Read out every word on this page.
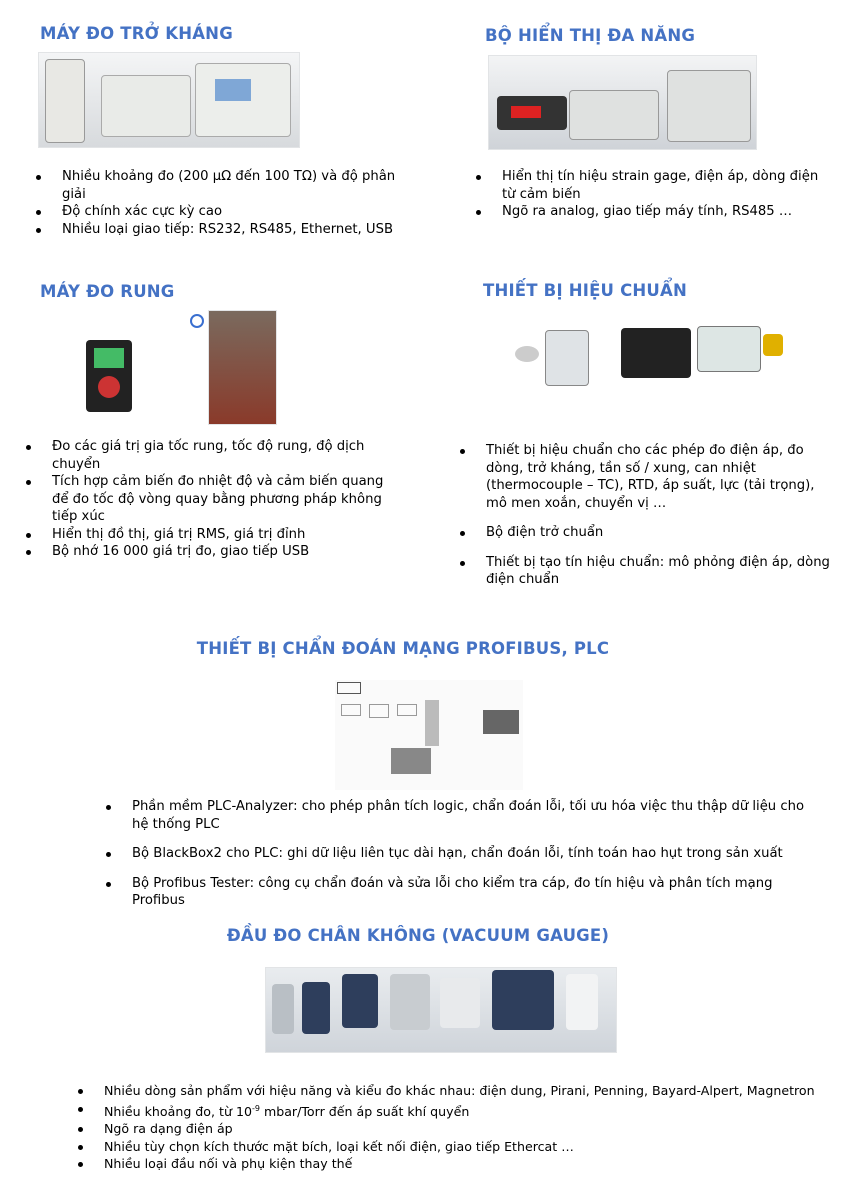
MÁY ĐO TRỞ KHÁNG
Nhiều khoảng đo (200 µΩ đến 100 TΩ) và độ phân giải
Độ chính xác cực kỳ cao
Nhiều loại giao tiếp: RS232, RS485, Ethernet, USB
BỘ HIỂN THỊ ĐA NĂNG
Hiển thị tín hiệu strain gage, điện áp, dòng điện từ cảm biến
Ngõ ra analog, giao tiếp máy tính, RS485 …
MÁY ĐO RUNG
Đo các giá trị gia tốc rung, tốc độ rung, độ dịch chuyển
Tích hợp cảm biến đo nhiệt độ và cảm biến quang để đo tốc độ vòng quay bằng phương pháp không tiếp xúc
Hiển thị đồ thị, giá trị RMS, giá trị đỉnh
Bộ nhớ 16 000 giá trị đo, giao tiếp USB
THIẾT BỊ HIỆU CHUẨN
Thiết bị hiệu chuẩn cho các phép đo điện áp, đo dòng, trở kháng, tần số / xung, can nhiệt (thermocouple – TC), RTD, áp suất, lực (tải trọng), mô men xoắn, chuyển vị …
Bộ điện trở chuẩn
Thiết bị tạo tín hiệu chuẩn: mô phỏng điện áp, dòng điện chuẩn
THIẾT BỊ CHẨN ĐOÁN MẠNG PROFIBUS, PLC
Phần mềm PLC-Analyzer: cho phép phân tích logic, chẩn đoán lỗi, tối ưu hóa việc thu thập dữ liệu cho hệ thống PLC
Bộ BlackBox2 cho PLC: ghi dữ liệu liên tục dài hạn, chẩn đoán lỗi, tính toán hao hụt trong sản xuất
Bộ Profibus Tester: công cụ chẩn đoán và sửa lỗi cho kiểm tra cáp, đo tín hiệu và phân tích mạng Profibus
ĐẦU ĐO CHÂN KHÔNG (VACUUM GAUGE)
Nhiều dòng sản phẩm với hiệu năng và kiểu đo khác nhau: điện dung, Pirani, Penning, Bayard-Alpert, Magnetron
Nhiều khoảng đo, từ $10^{-9}$ mbar/Torr đến áp suất khí quyển
Ngõ ra dạng điện áp
Nhiều tùy chọn kích thước mặt bích, loại kết nối điện, giao tiếp Ethercat …
Nhiều loại đầu nối và phụ kiện thay thế
